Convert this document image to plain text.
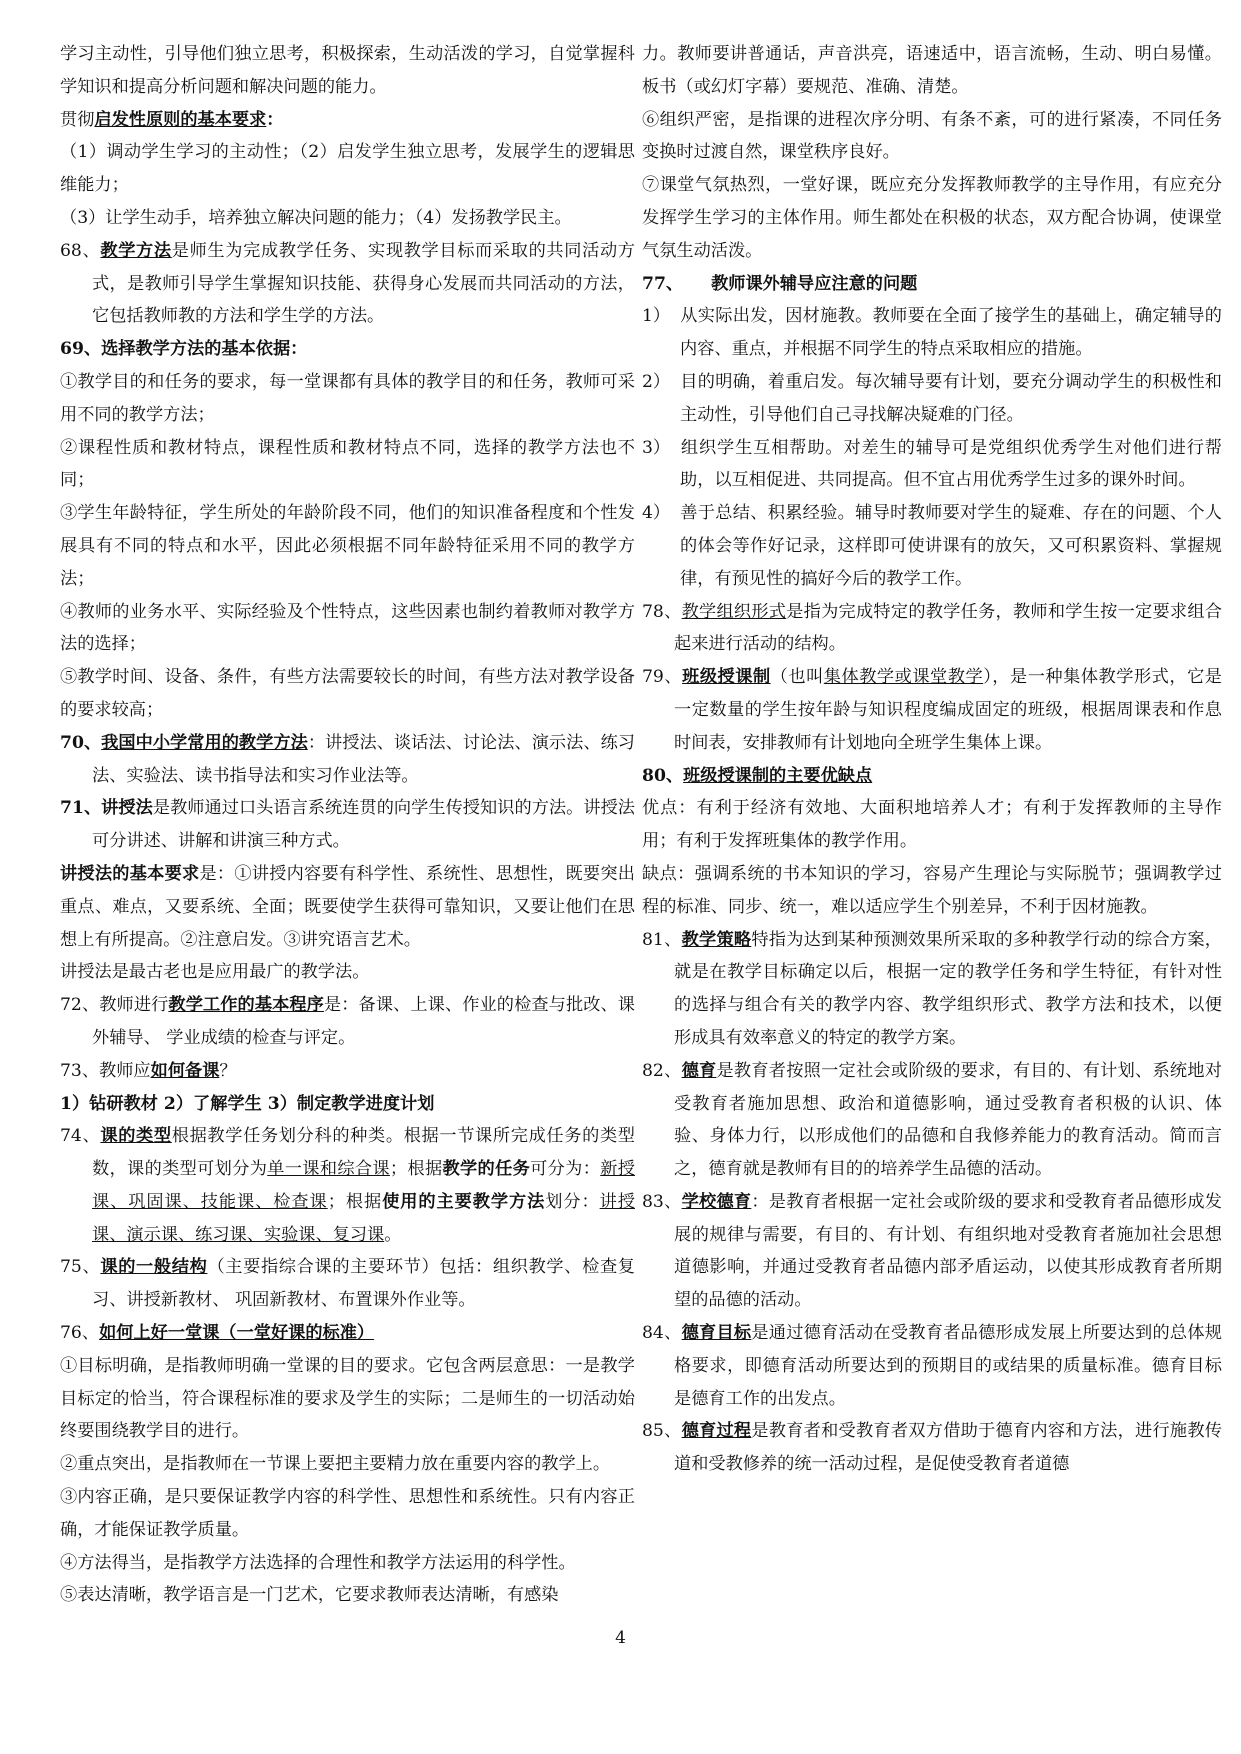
学习主动性，引导他们独立思考，积极探索，生动活泼的学习，自觉掌握科学知识和提高分析问题和解决问题的能力。

贯彻启发性原则的基本要求：

（1）调动学生学习的主动性；（2）启发学生独立思考，发展学生的逻辑思维能力；

（3）让学生动手，培养独立解决问题的能力；（4）发扬教学民主。

68、教学方法是师生为完成教学任务、实现教学目标而采取的共同活动方式，是教师引导学生掌握知识技能、获得身心发展而共同活动的方法，它包括教师教的方法和学生学的方法。

69、选择教学方法的基本依据：

①教学目的和任务的要求，每一堂课都有具体的教学目的和任务，教师可采用不同的教学方法；

②课程性质和教材特点，课程性质和教材特点不同，选择的教学方法也不同；

③学生年龄特征，学生所处的年龄阶段不同，他们的知识准备程度和个性发展具有不同的特点和水平，因此必须根据不同年龄特征采用不同的教学方法；

④教师的业务水平、实际经验及个性特点，这些因素也制约着教师对教学方法的选择；

⑤教学时间、设备、条件，有些方法需要较长的时间，有些方法对教学设备的要求较高；

70、我国中小学常用的教学方法：讲授法、谈话法、讨论法、演示法、练习法、实验法、读书指导法和实习作业法等。

71、讲授法是教师通过口头语言系统连贯的向学生传授知识的方法。讲授法可分讲述、讲解和讲演三种方式。

讲授法的基本要求是：①讲授内容要有科学性、系统性、思想性，既要突出重点、难点，又要系统、全面；既要使学生获得可靠知识，又要让他们在思想上有所提高。②注意启发。③讲究语言艺术。

讲授法是最古老也是应用最广的教学法。

72、教师进行教学工作的基本程序是：备课、上课、作业的检查与批改、课外辅导、 学业成绩的检查与评定。

73、教师应如何备课？

1）钻研教材 2）了解学生 3）制定教学进度计划

74、课的类型根据教学任务划分科的种类。根据一节课所完成任务的类型数，课的类型可划分为单一课和综合课；根据教学的任务可分为：新授课、巩固课、技能课、检查课；根据使用的主要教学方法划分：讲授课、演示课、练习课、实验课、复习课。

75、课的一般结构（主要指综合课的主要环节）包括：组织教学、检查复习、讲授新教材、 巩固新教材、布置课外作业等。

76、如何上好一堂课（一堂好课的标准）

①目标明确，是指教师明确一堂课的目的要求。它包含两层意思：一是教学目标定的恰当，符合课程标准的要求及学生的实际；二是师生的一切活动始终要围绕教学目的进行。

②重点突出，是指教师在一节课上要把主要精力放在重要内容的教学上。

③内容正确，是只要保证教学内容的科学性、思想性和系统性。只有内容正确，才能保证教学质量。

④方法得当，是指教学方法选择的合理性和教学方法运用的科学性。

⑤表达清晰，教学语言是一门艺术，它要求教师表达清晰，有感染

力。教师要讲普通话，声音洪亮，语速适中，语言流畅，生动、明白易懂。板书（或幻灯字幕）要规范、准确、清楚。

⑥组织严密，是指课的进程次序分明、有条不紊，可的进行紧凑，不同任务变换时过渡自然，课堂秩序良好。

⑦课堂气氛热烈，一堂好课，既应充分发挥教师教学的主导作用，有应充分发挥学生学习的主体作用。师生都处在积极的状态，双方配合协调，使课堂气氛生动活泼。

77、 教师课外辅导应注意的问题

1） 从实际出发，因材施教。教师要在全面了接学生的基础上，确定辅导的内容、重点，并根据不同学生的特点采取相应的措施。

2） 目的明确，着重启发。每次辅导要有计划，要充分调动学生的积极性和主动性，引导他们自己寻找解决疑难的门径。

3） 组织学生互相帮助。对差生的辅导可是党组织优秀学生对他们进行帮助，以互相促进、共同提高。但不宜占用优秀学生过多的课外时间。

4） 善于总结、积累经验。辅导时教师要对学生的疑难、存在的问题、个人的体会等作好记录，这样即可使讲课有的放矢，又可积累资料、掌握规律，有预见性的搞好今后的教学工作。

78、教学组织形式是指为完成特定的教学任务，教师和学生按一定要求组合起来进行活动的结构。

79、班级授课制（也叫集体教学或课堂教学），是一种集体教学形式，它是一定数量的学生按年龄与知识程度编成固定的班级，根据周课表和作息时间表，安排教师有计划地向全班学生集体上课。

80、班级授课制的主要优缺点

优点：有利于经济有效地、大面积地培养人才；有利于发挥教师的主导作用；有利于发挥班集体的教学作用。

缺点：强调系统的书本知识的学习，容易产生理论与实际脱节；强调教学过程的标准、同步、统一，难以适应学生个别差异，不利于因材施教。

81、教学策略特指为达到某种预测效果所采取的多种教学行动的综合方案，就是在教学目标确定以后，根据一定的教学任务和学生特征，有针对性的选择与组合有关的教学内容、教学组织形式、教学方法和技术，以便形成具有效率意义的特定的教学方案。

82、德育是教育者按照一定社会或阶级的要求，有目的、有计划、系统地对受教育者施加思想、政治和道德影响，通过受教育者积极的认识、体验、身体力行，以形成他们的品德和自我修养能力的教育活动。简而言之，德育就是教师有目的的培养学生品德的活动。

83、学校德育：是教育者根据一定社会或阶级的要求和受教育者品德形成发展的规律与需要，有目的、有计划、有组织地对受教育者施加社会思想道德影响，并通过受教育者品德内部矛盾运动，以使其形成教育者所期望的品德的活动。

84、德育目标是通过德育活动在受教育者品德形成发展上所要达到的总体规格要求，即德育活动所要达到的预期目的或结果的质量标准。德育目标是德育工作的出发点。

85、德育过程是教育者和受教育者双方借助于德育内容和方法，进行施教传道和受教修养的统一活动过程，是促使受教育者道德

4
